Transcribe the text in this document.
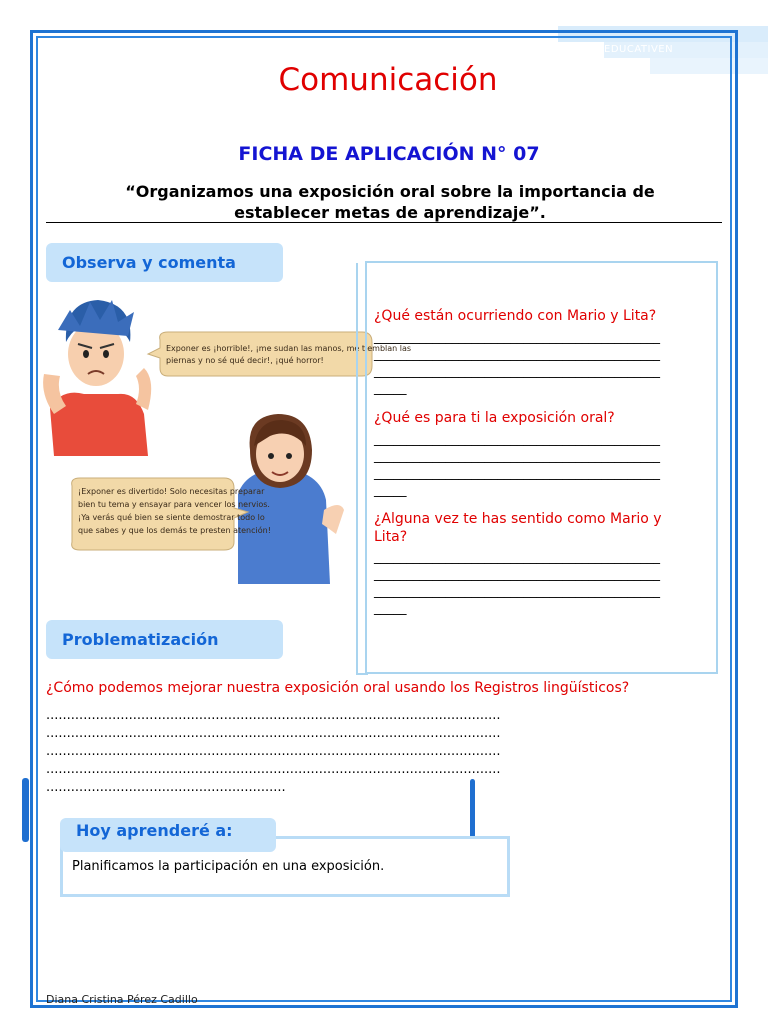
EDUCATIVEN
Comunicación
FICHA DE APLICACIÓN N° 07
“Organizamos una exposición oral sobre la importancia de
establecer metas de aprendizaje”.
Observa y comenta
Exponer es ¡horrible!, ¡me sudan las manos, me tiemblan las
piernas y no sé qué decir!, ¡qué horror!
¡Exponer es divertido! Solo necesitas preparar
bien tu tema y ensayar para vencer los nervios.
¡Ya verás qué bien se siente demostrar todo lo
que sabes y que los demás te presten atención!
¿Qué están ocurriendo con Mario y Lita?
____________________________________________
____________________________________________
____________________________________________
_____
¿Qué es para ti la exposición oral?
____________________________________________
____________________________________________
____________________________________________
_____
¿Alguna vez te has sentido como Mario y
Lita?
____________________________________________
____________________________________________
____________________________________________
_____
Problematización
¿Cómo podemos mejorar nuestra exposición oral usando los Registros lingüísticos?
..............................................................................................................
..............................................................................................................
..............................................................................................................
..............................................................................................................
..........................................................
Hoy aprenderé a:
Planificamos la participación en una exposición.
Diana Cristina Pérez Cadillo
